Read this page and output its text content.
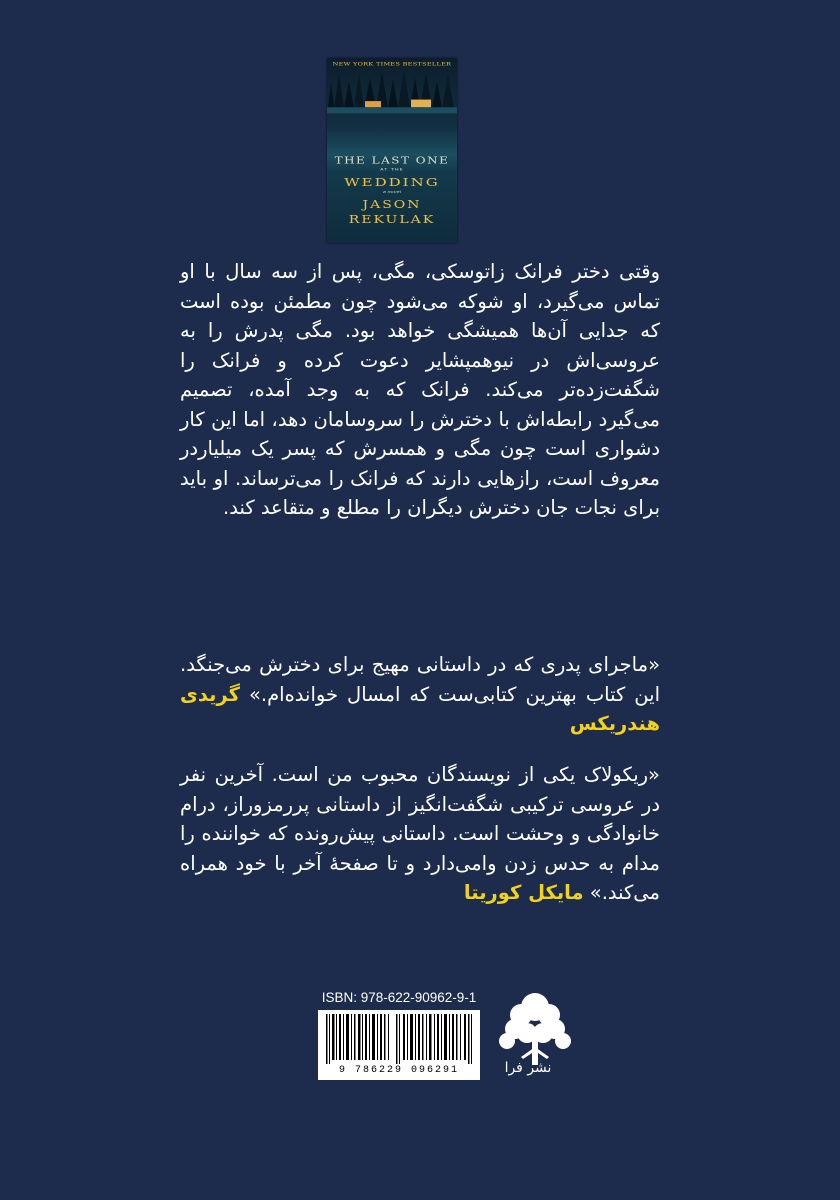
NEW YORK TIMES BESTSELLER
THE LAST ONE
AT THE
WEDDING
a novel
JASON
REKULAK

وقتی دختر فرانک زاتوسکی، مگی، پس از سه سال با او تماس می‌گیرد، او شوکه می‌شود چون مطمئن بوده است که جدایی آن‌ها همیشگی خواهد بود. مگی پدرش را به عروسی‌اش در نیوهمپشایر دعوت کرده و فرانک را شگفت‌زده‌تر می‌کند. فرانک که به وجد آمده، تصمیم می‌گیرد رابطه‌اش با دخترش را سروسامان دهد، اما این کار دشواری است چون مگی و همسرش که پسر یک میلیاردر معروف است، رازهایی دارند که فرانک را می‌ترساند. او باید برای نجات جان دخترش دیگران را مطلع و متقاعد کند.

«ماجرای پدری که در داستانی مهیج برای دخترش می‌جنگد. این کتاب بهترین کتابی‌ست که امسال خوانده‌ام.» گریدی هندریکس

«ریکولاک یکی از نویسندگان محبوب من است. آخرین نفر در عروسی ترکیبی شگفت‌انگیز از داستانی پررمزوراز، درام خانوادگی و وحشت است. داستانی پیش‌رونده که خواننده را مدام به حدس زدن وامی‌دارد و تا صفحهٔ آخر با خود همراه می‌کند.» مایکل کوریتا

ISBN: 978-622-90962-9-1
9 786229 096291	نشر فرا
